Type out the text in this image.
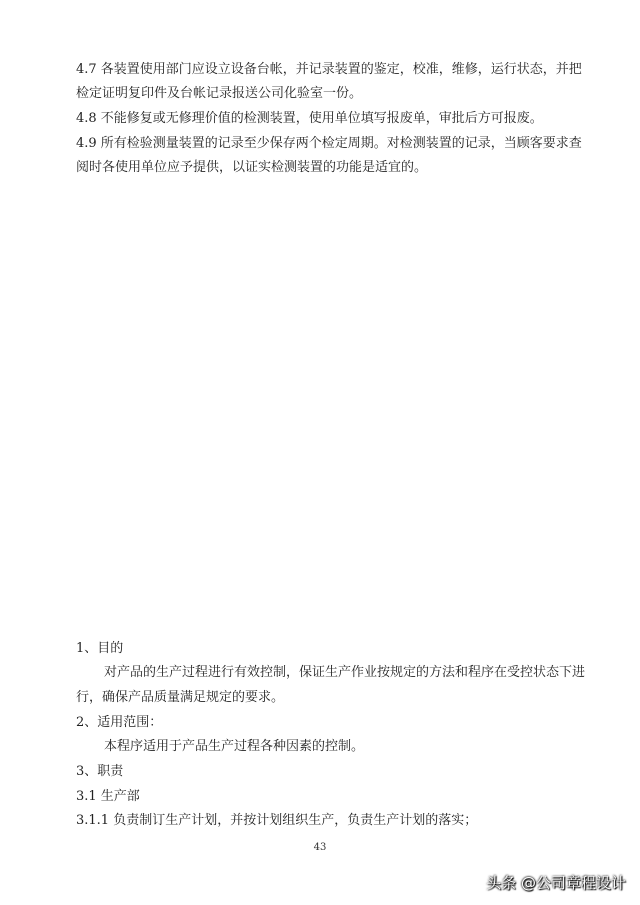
4.7 各装置使用部门应设立设备台帐，并记录装置的鉴定，校准，维修，运行状态，并把
检定证明复印件及台帐记录报送公司化验室一份。
4.8 不能修复或无修理价值的检测装置，使用单位填写报废单，审批后方可报废。
4.9 所有检验测量装置的记录至少保存两个检定周期。对检测装置的记录，当顾客要求查
阅时各使用单位应予提供，以证实检测装置的功能是适宜的。
1、目的
对产品的生产过程进行有效控制，保证生产作业按规定的方法和程序在受控状态下进
行，确保产品质量满足规定的要求。
2、适用范围：
本程序适用于产品生产过程各种因素的控制。
3、职责
3.1 生产部
3.1.1 负责制订生产计划，并按计划组织生产，负责生产计划的落实；
43
头条 @公司章程设计
